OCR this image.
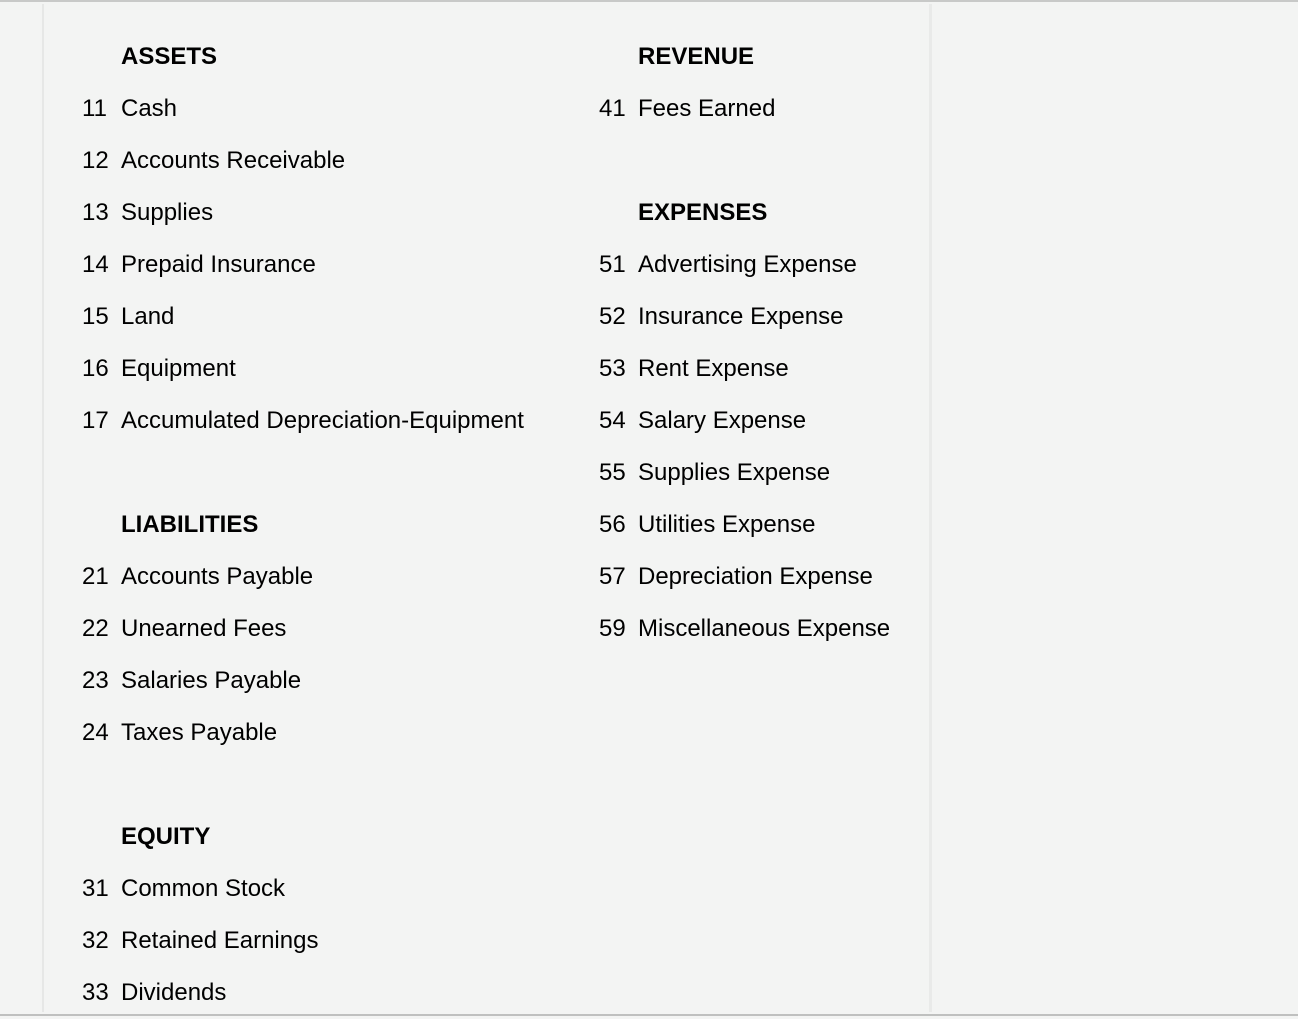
ASSETS
11 Cash
12 Accounts Receivable
13 Supplies
14 Prepaid Insurance
15 Land
16 Equipment
17 Accumulated Depreciation-Equipment
LIABILITIES
21 Accounts Payable
22 Unearned Fees
23 Salaries Payable
24 Taxes Payable
EQUITY
31 Common Stock
32 Retained Earnings
33 Dividends
REVENUE
41 Fees Earned
EXPENSES
51 Advertising Expense
52 Insurance Expense
53 Rent Expense
54 Salary Expense
55 Supplies Expense
56 Utilities Expense
57 Depreciation Expense
59 Miscellaneous Expense
